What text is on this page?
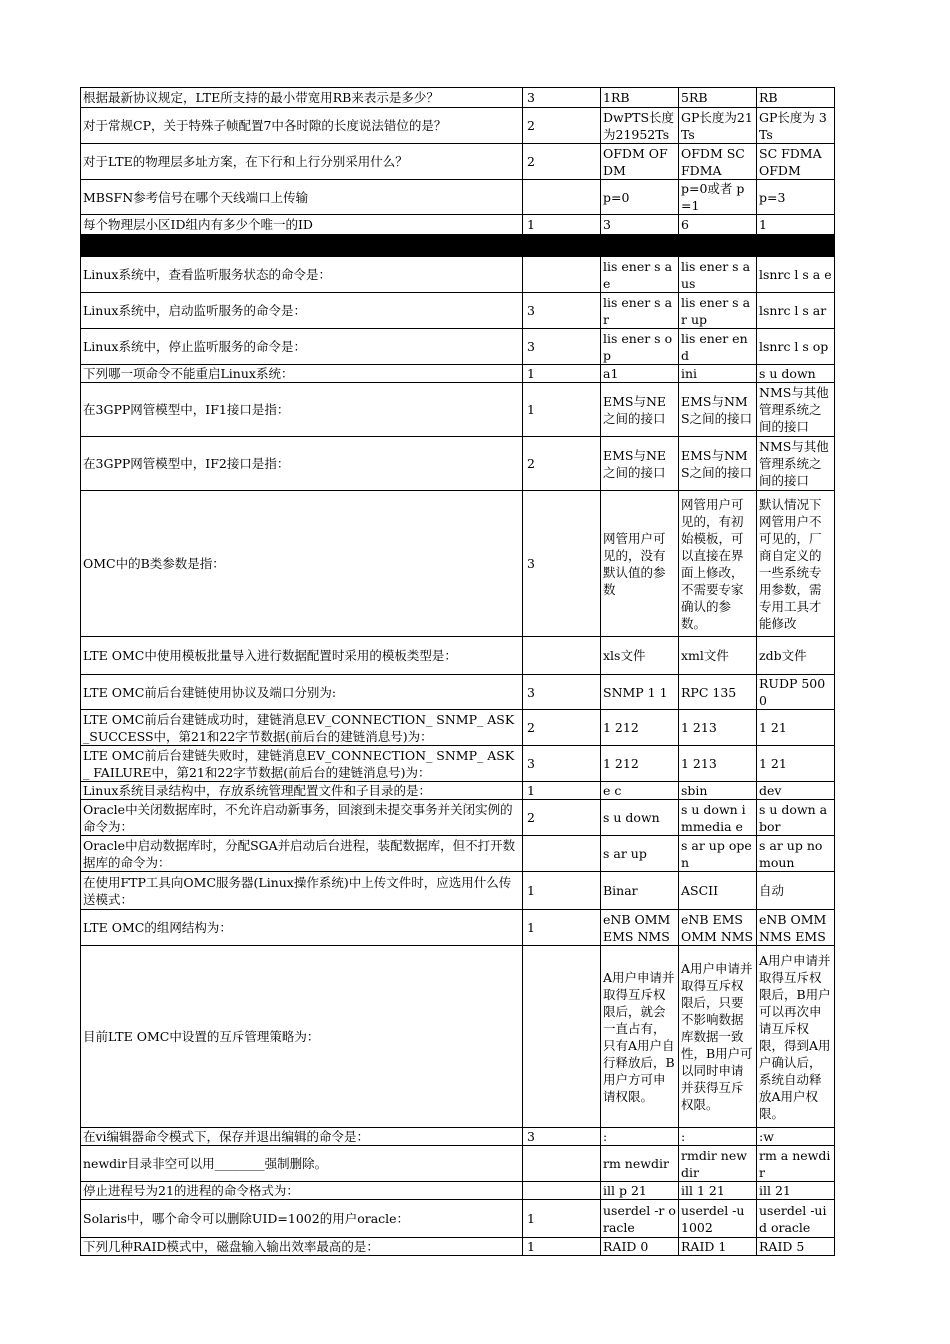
根据最新协议规定，LTE所支持的最小带宽用RB来表示是多少？	3	1RB	5RB	RB
对于常规CP，关于特殊子帧配置7中各时隙的长度说法错位的是？	2	DwPTS长度为21952Ts	GP长度为21 Ts	GP长度为 3 Ts
对于LTE的物理层多址方案，在下行和上行分别采用什么？	2	OFDM OFDM	OFDM SC FDMA	SC FDMA OFDM
MBSFN参考信号在哪个天线端口上传输		p=0	p=0或者 p=1	p=3
每个物理层小区ID组内有多少个唯一的ID	1	3	6	1

Linux系统中，查看监听服务状态的命令是：		lis ener s a e	lis ener s a us	lsnrc l s a e
Linux系统中，启动监听服务的命令是：	3	lis ener s ar	lis ener s ar up	lsnrc l s ar
Linux系统中，停止监听服务的命令是：	3	lis ener s op	lis ener end	lsnrc l s op
下列哪一项命令不能重启Linux系统：	1	a1	ini	s u down
在3GPP网管模型中，IF1接口是指：	1	EMS与NE之间的接口	EMS与NMS之间的接口	NMS与其他管理系统之间的接口
在3GPP网管模型中，IF2接口是指：	2	EMS与NE之间的接口	EMS与NMS之间的接口	NMS与其他管理系统之间的接口
OMC中的B类参数是指：	3	网管用户可见的，没有默认值的参数	网管用户可见的，有初始模板，可以直接在界面上修改，不需要专家确认的参数。	默认情况下网管用户不可见的，厂商自定义的一些系统专用参数，需专用工具才能修改
LTE OMC中使用模板批量导入进行数据配置时采用的模板类型是：		xls文件	xml文件	zdb文件
LTE OMC前后台建链使用协议及端口分别为:	3	SNMP 1 1	RPC 135	RUDP 5000
LTE OMC前后台建链成功时，建链消息EV_CONNECTION_ SNMP_ ASK_SUCCESS中，第21和22字节数据(前后台的建链消息号)为：	2	1 212	1 213	1 21
LTE OMC前后台建链失败时，建链消息EV_CONNECTION_ SNMP_ ASK_ FAILURE中，第21和22字节数据(前后台的建链消息号)为：	3	1 212	1 213	1 21
Linux系统目录结构中，存放系统管理配置文件和子目录的是：	1	e c	sbin	dev
Oracle中关闭数据库时，不允许启动新事务，回滚到未提交事务并关闭实例的命令为：	2	s u down	s u down immedia e	s u down abor
Oracle中启动数据库时，分配SGA并启动后台进程，装配数据库，但不打开数据库的命令为：		s ar up	s ar up open	s ar up nomoun
在使用FTP工具向OMC服务器(Linux操作系统)中上传文件时，应选用什么传送模式：	1	Binar	ASCII	自动
LTE OMC的组网结构为：	1	eNB OMM EMS NMS	eNB EMS OMM NMS	eNB OMM NMS EMS
目前LTE OMC中设置的互斥管理策略为：		A用户申请并取得互斥权限后，就会一直占有，只有A用户自行释放后，B用户方可申请权限。	A用户申请并取得互斥权限后，只要不影响数据库数据一致性，B用户可以同时申请并获得互斥权限。	A用户申请并取得互斥权限后，B用户可以再次申请互斥权限，得到A用户确认后，系统自动释放A用户权限。
在vi编辑器命令模式下，保存并退出编辑的命令是：	3	:	:	:w
newdir目录非空可以用________强制删除。		rm newdir	rmdir newdir	rm a newdir
停止进程号为21的进程的命令格式为：		ill p 21	ill 1 21	ill 21
Solaris中，哪个命令可以删除UID=1002的用户oracle：	1	userdel -r oracle	userdel -u 1002	userdel -uid oracle
下列几种RAID模式中，磁盘输入输出效率最高的是：	1	RAID 0	RAID 1	RAID 5
